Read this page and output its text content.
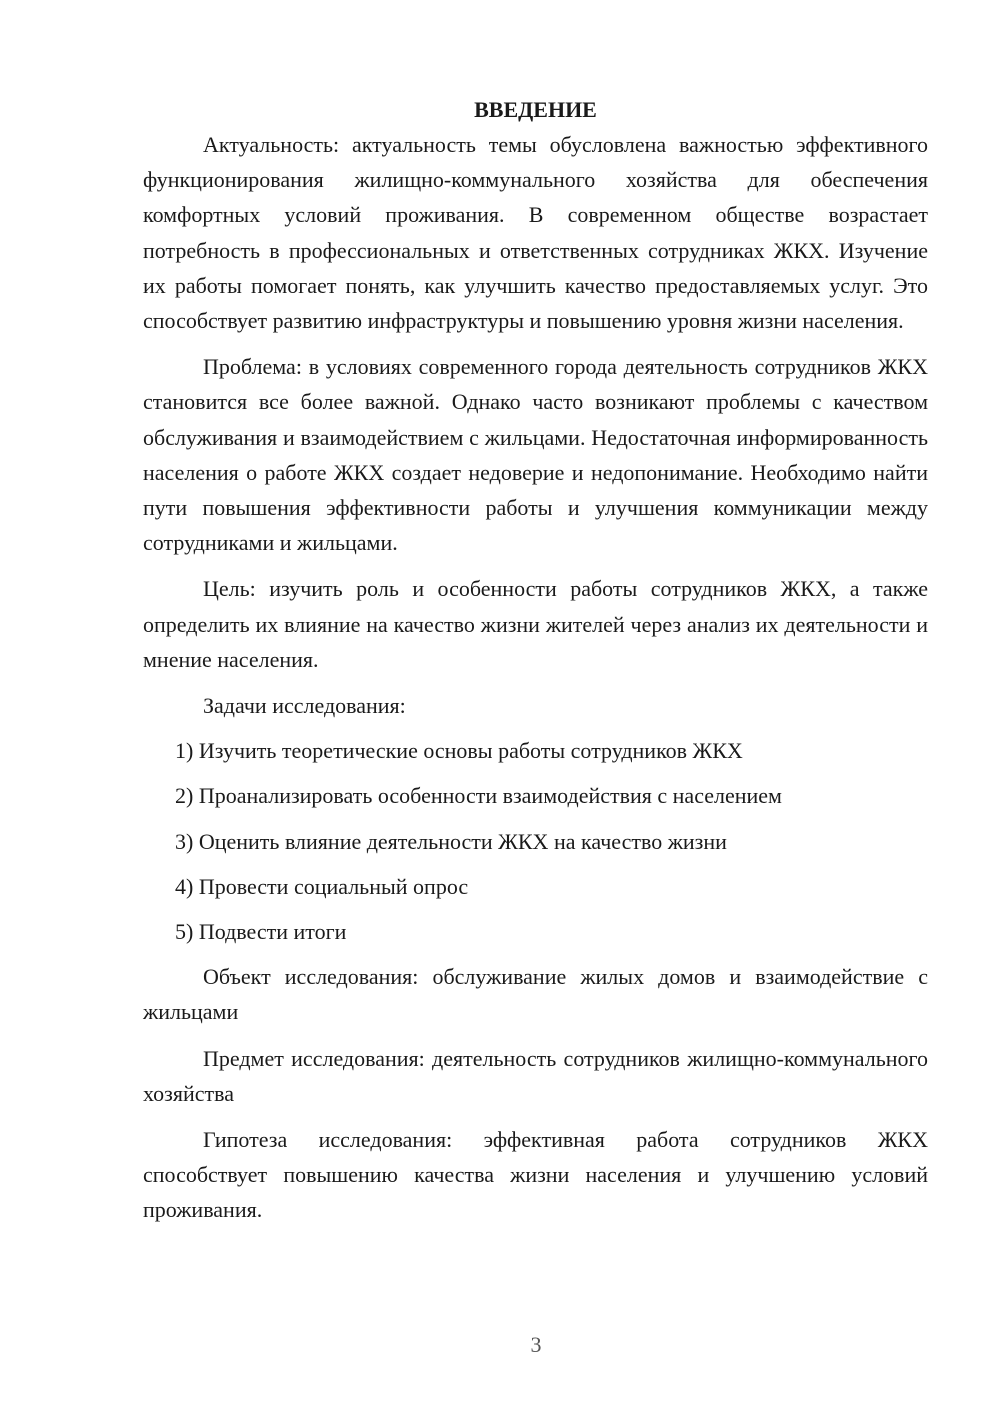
ВВЕДЕНИЕ

Актуальность: актуальность темы обусловлена важностью эффективного функционирования жилищно-коммунального хозяйства для обеспечения комфортных условий проживания. В современном обществе возрастает потребность в профессиональных и ответственных сотрудниках ЖКХ. Изучение их работы помогает понять, как улучшить качество предоставляемых услуг. Это способствует развитию инфраструктуры и повышению уровня жизни населения.

Проблема: в условиях современного города деятельность сотрудников ЖКХ становится все более важной. Однако часто возникают проблемы с качеством обслуживания и взаимодействием с жильцами. Недостаточная информированность населения о работе ЖКХ создает недоверие и недопонимание. Необходимо найти пути повышения эффективности работы и улучшения коммуникации между сотрудниками и жильцами.

Цель: изучить роль и особенности работы сотрудников ЖКХ, а также определить их влияние на качество жизни жителей через анализ их деятельности и мнение населения.

Задачи исследования:

1) Изучить теоретические основы работы сотрудников ЖКХ
2) Проанализировать особенности взаимодействия с населением
3) Оценить влияние деятельности ЖКХ на качество жизни
4) Провести социальный опрос
5) Подвести итоги

Объект исследования: обслуживание жилых домов и взаимодействие с жильцами

Предмет исследования: деятельность сотрудников жилищно-коммунального хозяйства

Гипотеза исследования: эффективная работа сотрудников ЖКХ способствует повышению качества жизни населения и улучшению условий проживания.

3
